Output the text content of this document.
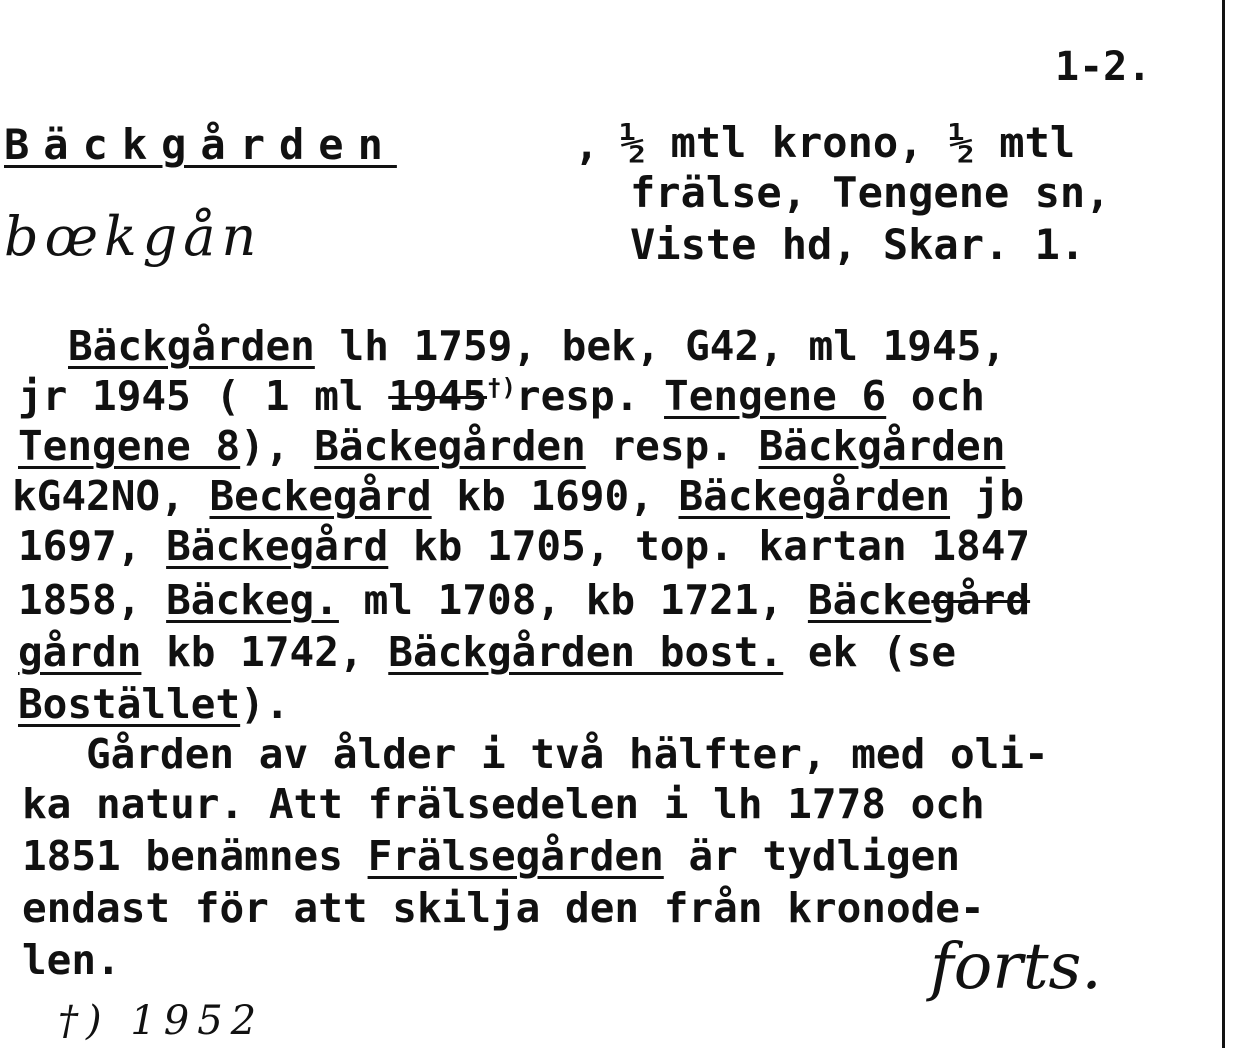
1-2.
Bäckgården	, ½ mtl krono, ½ mtl
frälse, Tengene sn,
Viste hd, Skar. 1.
bœkgån
Bäckgården lh 1759, bek, G42, ml 1945,
jr 1945 ( 1 ml 1945†)resp. Tengene 6 och
Tengene 8), Bäckegården resp. Bäckgården
kG42NO, Beckegård kb 1690, Bäckegården jb
1697, Bäckegård kb 1705, top. kartan 1847
1858, Bäckeg. ml 1708, kb 1721, Bäckegård
gårdn kb 1742, Bäckgården bost. ek (se
Bostället).
Gården av ålder i två hälfter, med oli-
ka natur. Att frälsedelen i lh 1778 och
1851 benämnes Frälsegården är tydligen
endast för att skilja den från kronode-
len.
†) 1952
forts.
